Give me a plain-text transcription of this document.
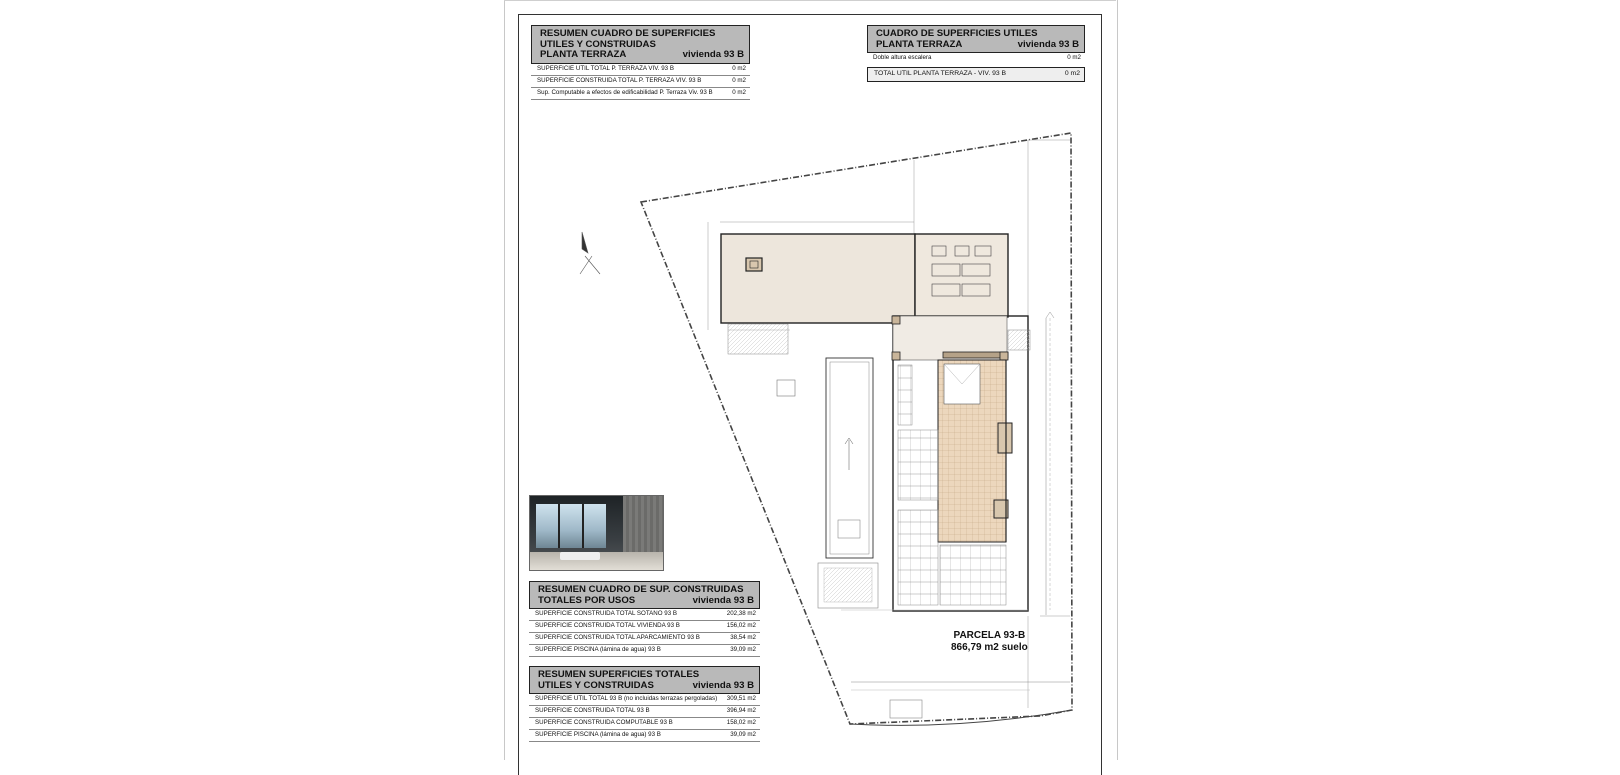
RESUMEN CUADRO DE SUPERFICIES
UTILES Y CONSTRUIDAS
PLANTA TERRAZA	vivienda 93 B
SUPERFICIE UTIL TOTAL P. TERRAZA VIV. 93 B	0 m2
SUPERFICIE CONSTRUIDA TOTAL P. TERRAZA VIV. 93 B	0 m2
Sup. Computable a efectos de edificabilidad P. Terraza Viv. 93 B	0 m2
CUADRO DE SUPERFICIES UTILES
PLANTA TERRAZA	vivienda 93 B
Doble altura escalera	0 m2
TOTAL UTIL PLANTA TERRAZA - VIV. 93 B	0 m2
RESUMEN CUADRO DE SUP. CONSTRUIDAS
TOTALES POR USOS	vivienda 93 B
SUPERFICIE CONSTRUIDA TOTAL SOTANO 93 B	202,38 m2
SUPERFICIE CONSTRUIDA TOTAL VIVIENDA 93 B	156,02 m2
SUPERFICIE CONSTRUIDA TOTAL APARCAMIENTO 93 B	38,54 m2
SUPERFICIE PISCINA (lámina de agua) 93 B	39,09 m2
RESUMEN SUPERFICIES TOTALES
UTILES Y CONSTRUIDAS	vivienda 93 B
SUPERFICIE UTIL TOTAL 93 B (no incluidas terrazas pergoladas) 309,51 m2
SUPERFICIE CONSTRUIDA TOTAL 93 B	396,94 m2
SUPERFICIE CONSTRUIDA COMPUTABLE 93 B	158,02 m2
SUPERFICIE PISCINA (lámina de agua) 93 B	39,09 m2
PARCELA 93-B
866,79 m2 suelo
